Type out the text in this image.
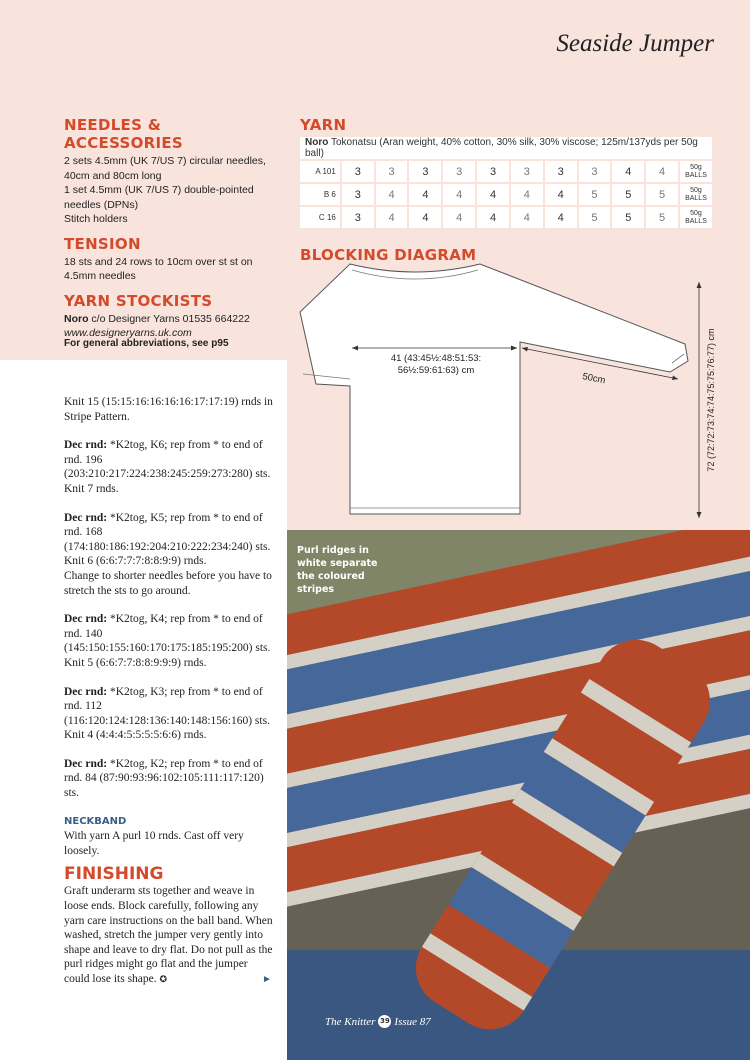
Seaside Jumper
NEEDLES & ACCESSORIES
2 sets 4.5mm (UK 7/US 7) circular needles,
40cm and 80cm long
1 set 4.5mm (UK 7/US 7) double-pointed
needles (DPNs)
Stitch holders
TENSION
18 sts and 24 rows to 10cm over st st on
4.5mm needles
YARN STOCKISTS
Noro c/o Designer Yarns 01535 664222
www.designeryarns.uk.com
For general abbreviations, see p95
YARN
Noro Tokonatsu (Aran weight, 40% cotton, 30% silk, 30% viscose; 125m/137yds per 50g ball)											
A 101	3	3	3	3	3	3	3	3	4	4	50g
BALLS

B 6	3	4	4	4	4	4	4	5	5	5	50g
BALLS

C 16	3	4	4	4	4	4	4	5	5	5	50g
BALLS
BLOCKING DIAGRAM
41 (43:45½:48:51:53:
56½:59:61:63) cm
50cm	72 (72:72:73:74:74:75:75:76:77) cm

Knit 15 (15:15:16:16:16:16:17:17:19) rnds in Stripe Pattern.

Dec rnd: *K2tog, K6; rep from * to end of rnd. 196 (203:210:217:224:238:245:259:273:280) sts.
Knit 7 rnds.

Dec rnd: *K2tog, K5; rep from * to end of rnd. 168 (174:180:186:192:204:210:222:234:240) sts.
Knit 6 (6:6:7:7:7:8:8:9:9) rnds.
Change to shorter needles before you have to stretch the sts to go around.

Dec rnd: *K2tog, K4; rep from * to end of rnd. 140 (145:150:155:160:170:175:185:195:200) sts.
Knit 5 (6:6:7:7:8:8:9:9:9) rnds.

Dec rnd: *K2tog, K3; rep from * to end of rnd. 112 (116:120:124:128:136:140:148:156:160) sts.
Knit 4 (4:4:4:5:5:5:5:6:6) rnds.

Dec rnd: *K2tog, K2; rep from * to end of rnd. 84 (87:90:93:96:102:105:111:117:120) sts.

NECKBAND

With yarn A purl 10 rnds. Cast off very loosely.

FINISHING

Graft underarm sts together and weave in loose ends. Block carefully, following any yarn care instructions on the ball band. When washed, stretch the jumper very gently into shape and leave to dry flat. Do not pull as the purl ridges might go flat and the jumper could lose its shape. ✪	►
Purl ridges in white separate the coloured stripes
The Knitter 39 Issue 87
